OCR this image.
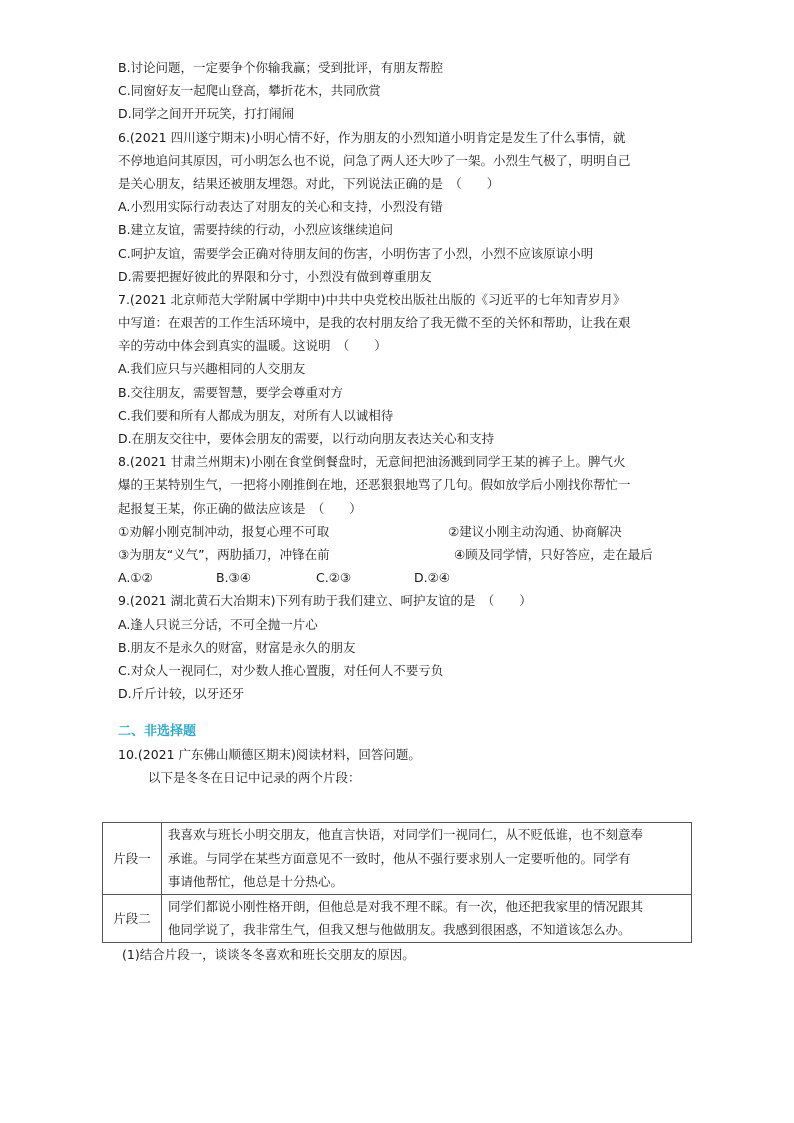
B.讨论问题，一定要争个你输我赢；受到批评，有朋友帮腔
C.同窗好友一起爬山登高，攀折花木，共同欣赏
D.同学之间开开玩笑，打打闹闹
6.(2021 四川遂宁期末)小明心情不好，作为朋友的小烈知道小明肯定是发生了什么事情，就
不停地追问其原因，可小明怎么也不说，问急了两人还大吵了一架。小烈生气极了，明明自己
是关心朋友，结果还被朋友埋怨。对此，下列说法正确的是　（　　）
A.小烈用实际行动表达了对朋友的关心和支持，小烈没有错
B.建立友谊，需要持续的行动，小烈应该继续追问
C.呵护友谊，需要学会正确对待朋友间的伤害，小明伤害了小烈，小烈不应该原谅小明
D.需要把握好彼此的界限和分寸，小烈没有做到尊重朋友
7.(2021 北京师范大学附属中学期中)中共中央党校出版社出版的《习近平的七年知青岁月》
中写道：在艰苦的工作生活环境中，是我的农村朋友给了我无微不至的关怀和帮助，让我在艰
辛的劳动中体会到真实的温暖。这说明　（　　）
A.我们应只与兴趣相同的人交朋友
B.交往朋友，需要智慧，要学会尊重对方
C.我们要和所有人都成为朋友，对所有人以诚相待
D.在朋友交往中，要体会朋友的需要，以行动向朋友表达关心和支持
8.(2021 甘肃兰州期末)小刚在食堂倒餐盘时，无意间把油汤溅到同学王某的裤子上。脾气火
爆的王某特别生气，一把将小刚推倒在地，还恶狠狠地骂了几句。假如放学后小刚找你帮忙一
起报复王某，你正确的做法应该是　（　　）
①劝解小刚克制冲动，报复心理不可取	②建议小刚主动沟通、协商解决
③为朋友“义气”，两肋插刀，冲锋在前	④顾及同学情，只好答应，走在最后
A.①②	B.③④	C.②③	D.②④
9.(2021 湖北黄石大冶期末)下列有助于我们建立、呵护友谊的是　（　　）
A.逢人只说三分话，不可全抛一片心
B.朋友不是永久的财富，财富是永久的朋友
C.对众人一视同仁，对少数人推心置腹，对任何人不要亏负
D.斤斤计较，以牙还牙
二、非选择题
10.(2021 广东佛山顺德区期末)阅读材料，回答问题。
以下是冬冬在日记中记录的两个片段：
片段一	我喜欢与班长小明交朋友，他直言快语，对同学们一视同仁，从不贬低谁，也不刻意奉
承谁。与同学在某些方面意见不一致时，他从不强行要求别人一定要听他的。同学有
事请他帮忙，他总是十分热心。

片段二	同学们都说小刚性格开朗，但他总是对我不理不睬。有一次，他还把我家里的情况跟其
他同学说了，我非常生气，但我又想与他做朋友。我感到很困惑，不知道该怎么办。
(1)结合片段一，谈谈冬冬喜欢和班长交朋友的原因。
